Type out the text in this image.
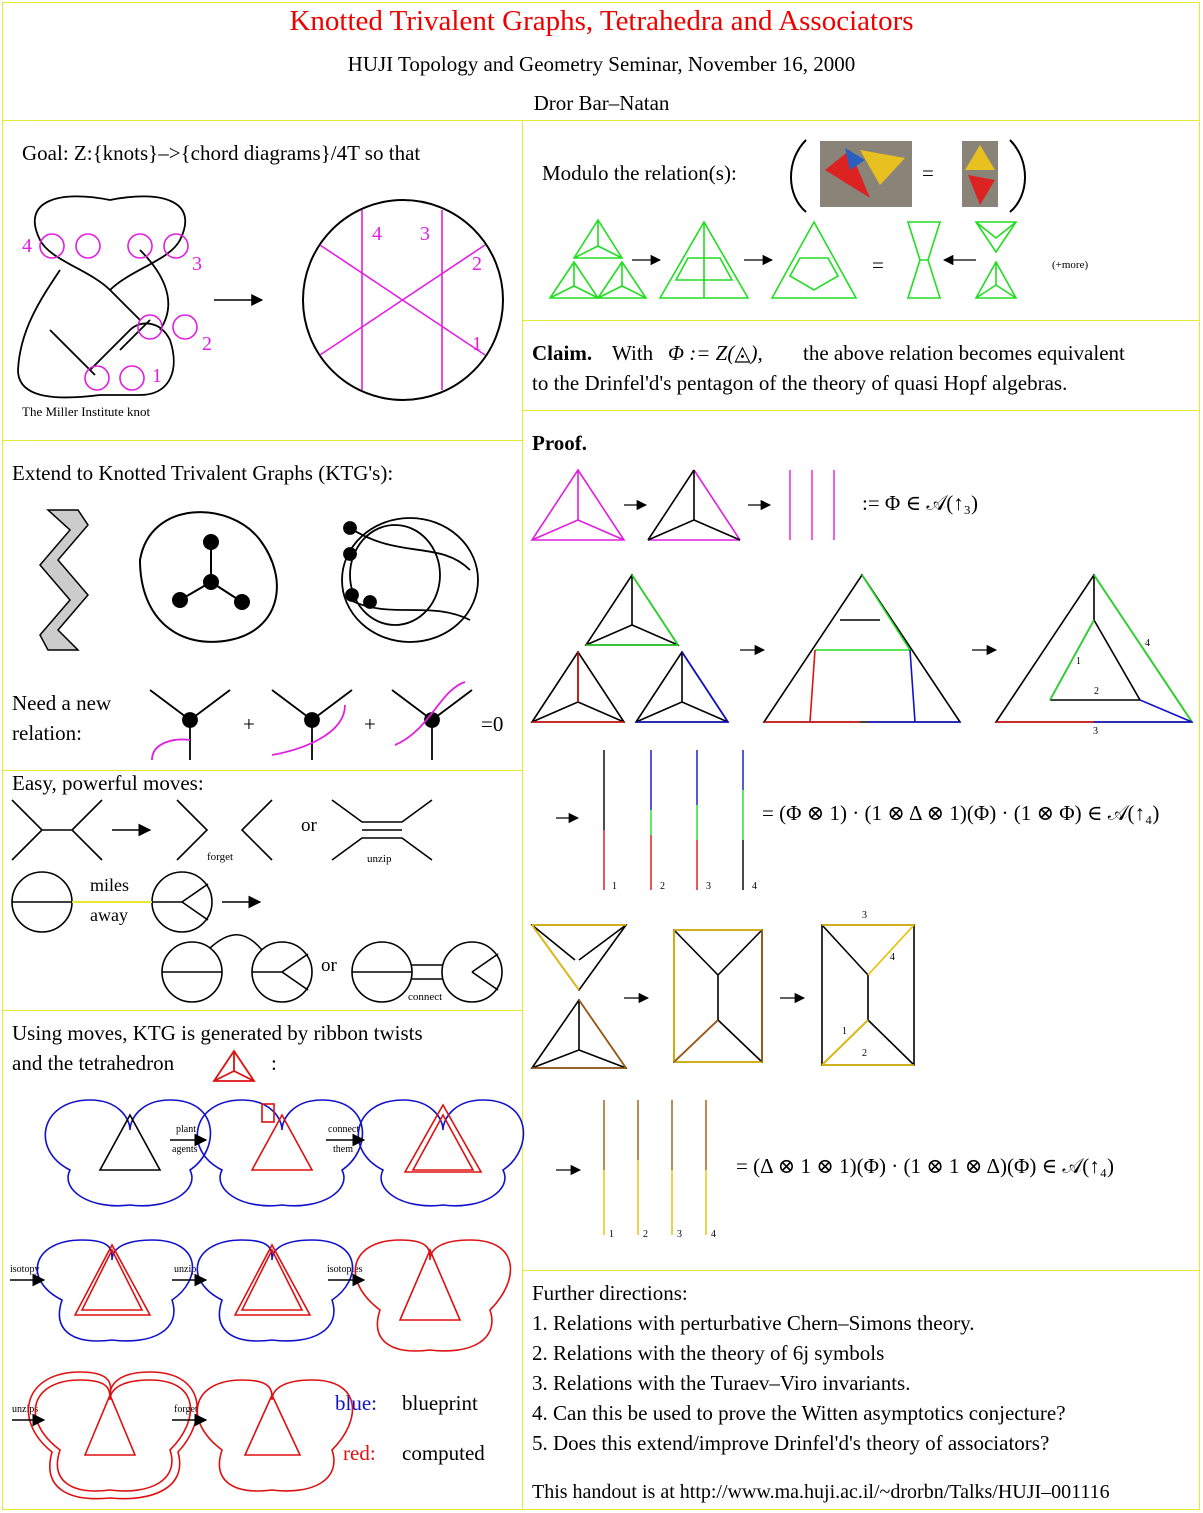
Knotted Trivalent Graphs, Tetrahedra and Associators
HUJI Topology and Geometry Seminar, November 16, 2000
Dror Bar–Natan
Goal: Z:{knots}–>{chord diagrams}/4T so that
The Miller Institute knot
Extend to Knotted Trivalent Graphs (KTG's):
Need a new
relation:	+	+	=0
Easy, powerful moves:
forget
or
unzip
miles
away
or
connect
Using moves, KTG is generated by ribbon twists
and the tetrahedron	:
plant
agents
connect
them
isotopy	unzip	isotopies
unzips	forget	blue: blueprint
red: computed
Modulo the relation(s):	=
=	(+more)
Claim. With Φ := Z(◬), the above relation becomes equivalent
to the Drinfel'd's pentagon of the theory of quasi Hopf algebras.
Proof.
:= Φ ∈ 𝒜(↑₃)
= (Φ ⊗ 1) · (1 ⊗ Δ ⊗ 1)(Φ) · (1 ⊗ Φ) ∈ 𝒜(↑₄)
= (Δ ⊗ 1 ⊗ 1)(Φ) · (1 ⊗ 1 ⊗ Δ)(Φ) ∈ 𝒜(↑₄)
4
1
2
3
1	2	3	4
3
4
1
2
1	2	3	4
Further directions:
1. Relations with perturbative Chern–Simons theory.
2. Relations with the theory of 6j symbols
3. Relations with the Turaev–Viro invariants.
4. Can this be used to prove the Witten asymptotics conjecture?
5. Does this extend/improve Drinfel'd's theory of associators?
This handout is at http://www.ma.huji.ac.il/~drorbn/Talks/HUJI–001116
4
3
2
1
4 3
2
1
